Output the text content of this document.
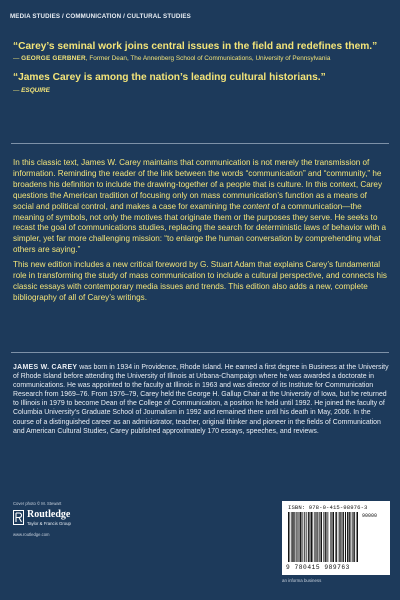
MEDIA STUDIES / COMMUNICATION / CULTURAL STUDIES

“Carey’s seminal work joins central issues in the field and redefines them.”

— GEORGE GERBNER, Former Dean, The Annenberg School of Communications, University of Pennsylvania

“James Carey is among the nation’s leading cultural historians.”

— ESQUIRE

In this classic text, James W. Carey maintains that communication is not merely the transmission of information. Reminding the reader of the link between the words “communication” and “community,” he broadens his definition to include the drawing-together of a people that is culture. In this context, Carey questions the American tradition of focusing only on mass communication’s function as a means of social and political control, and makes a case for examining the content of a communication—the meaning of symbols, not only the motives that originate them or the purposes they serve. He seeks to recast the goal of communications studies, replacing the search for deterministic laws of behavior with a simpler, yet far more challenging mission: “to enlarge the human conversation by comprehending what others are saying.”

This new edition includes a new critical foreword by G. Stuart Adam that explains Carey’s fundamental role in transforming the study of mass communication to include a cultural perspective, and connects his classic essays with contemporary media issues and trends. This edition also adds a new, complete bibliography of all of Carey’s writings.

JAMES W. CAREY was born in 1934 in Providence, Rhode Island. He earned a first degree in Business at the University of Rhode Island before attending the University of Illinois at Urbana-Champaign where he was awarded a doctorate in communications. He was appointed to the faculty at Illinois in 1963 and was director of its Institute for Communication Research from 1969–76. From 1976–79, Carey held the George H. Gallup Chair at the University of Iowa, but he returned to Illinois in 1979 to become Dean of the College of Communication, a position he held until 1992. He joined the faculty of Columbia University’s Graduate School of Journalism in 1992 and remained there until his death in May, 2006. In the course of a distinguished career as an administrator, teacher, original thinker and pioneer in the fields of Communication and American Cultural Studies, Carey published approximately 170 essays, speeches, and reviews.
Cover photo © M. Stewart
Routledge
Taylor & Francis Group
www.routledge.com
ISBN: 978-0-415-98976-3
90000
9 780415 989763
an informa business
